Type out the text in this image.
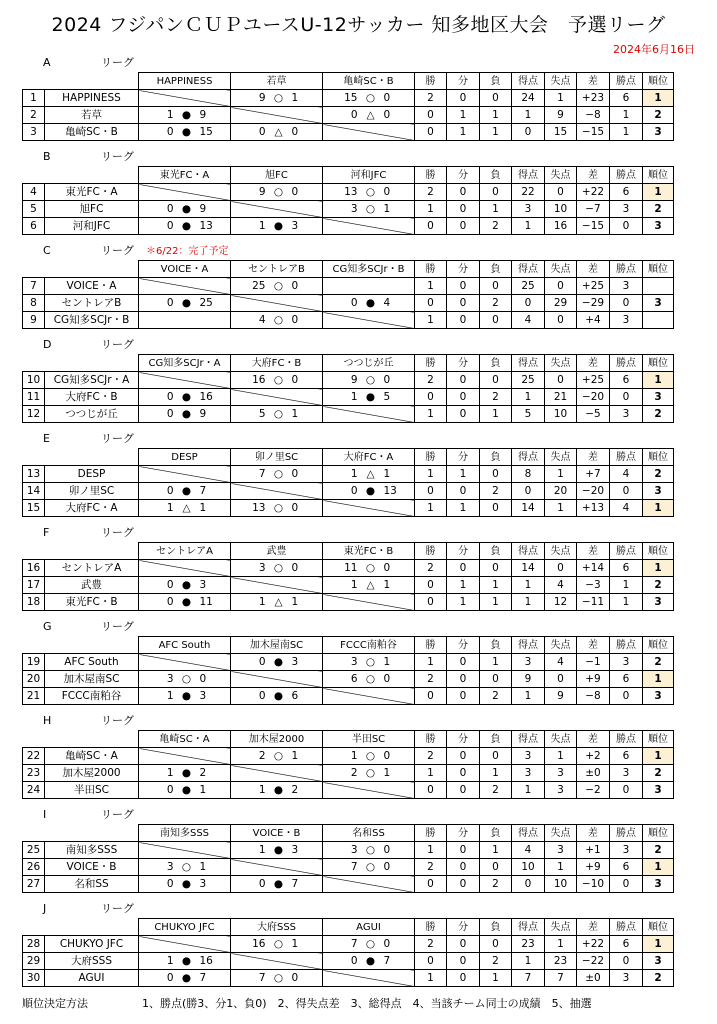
2024 フジパンＣＵＰユースU-12サッカー 知多地区大会　予選リーグ
2024年6月16日
A	リーグ
		HAPPINESS	若草	亀崎SC・B	勝	分	負	得点	失点	差	勝点	順位
1	HAPPINESS		9 ○ 1	15 ○ 0	2	0	0	24	1	+23	6	1
2	若草	1 ● 9		0 △ 0	0	1	1	1	9	−8	1	2
3	亀崎SC・B	0 ● 15	0 △ 0		0	1	1	0	15	−15	1	3
B	リーグ
		東光FC・A	旭FC	河和JFC	勝	分	負	得点	失点	差	勝点	順位
4	東光FC・A		9 ○ 0	13 ○ 0	2	0	0	22	0	+22	6	1
5	旭FC	0 ● 9		3 ○ 1	1	0	1	3	10	−7	3	2
6	河和JFC	0 ● 13	1 ● 3		0	0	2	1	16	−15	0	3
C	リーグ ＊6/22：完了予定
		VOICE・A	セントレアB	CG知多SCJr・B	勝	分	負	得点	失点	差	勝点	順位
7	VOICE・A		25 ○ 0		1	0	0	25	0	+25	3	
8	セントレアB	0 ● 25		0 ● 4	0	0	2	0	29	−29	0	3
9	CG知多SCJr・B		4 ○ 0		1	0	0	4	0	+4	3	
D	リーグ
		CG知多SCJr・A	大府FC・B	つつじが丘	勝	分	負	得点	失点	差	勝点	順位
10	CG知多SCJr・A		16 ○ 0	9 ○ 0	2	0	0	25	0	+25	6	1
11	大府FC・B	0 ● 16		1 ● 5	0	0	2	1	21	−20	0	3
12	つつじが丘	0 ● 9	5 ○ 1		1	0	1	5	10	−5	3	2
E	リーグ
		DESP	卯ノ里SC	大府FC・A	勝	分	負	得点	失点	差	勝点	順位
13	DESP		7 ○ 0	1 △ 1	1	1	0	8	1	+7	4	2
14	卯ノ里SC	0 ● 7		0 ● 13	0	0	2	0	20	−20	0	3
15	大府FC・A	1 △ 1	13 ○ 0		1	1	0	14	1	+13	4	1
F	リーグ
		セントレアA	武豊	東光FC・B	勝	分	負	得点	失点	差	勝点	順位
16	セントレアA		3 ○ 0	11 ○ 0	2	0	0	14	0	+14	6	1
17	武豊	0 ● 3		1 △ 1	0	1	1	1	4	−3	1	2
18	東光FC・B	0 ● 11	1 △ 1		0	1	1	1	12	−11	1	3
G	リーグ
		AFC South	加木屋南SC	FCCC南粕谷	勝	分	負	得点	失点	差	勝点	順位
19	AFC South		0 ● 3	3 ○ 1	1	0	1	3	4	−1	3	2
20	加木屋南SC	3 ○ 0		6 ○ 0	2	0	0	9	0	+9	6	1
21	FCCC南粕谷	1 ● 3	0 ● 6		0	0	2	1	9	−8	0	3
H	リーグ
		亀崎SC・A	加木屋2000	半田SC	勝	分	負	得点	失点	差	勝点	順位
22	亀崎SC・A		2 ○ 1	1 ○ 0	2	0	0	3	1	+2	6	1
23	加木屋2000	1 ● 2		2 ○ 1	1	0	1	3	3	±0	3	2
24	半田SC	0 ● 1	1 ● 2		0	0	2	1	3	−2	0	3
I	リーグ
		南知多SSS	VOICE・B	名和SS	勝	分	負	得点	失点	差	勝点	順位
25	南知多SSS		1 ● 3	3 ○ 0	1	0	1	4	3	+1	3	2
26	VOICE・B	3 ○ 1		7 ○ 0	2	0	0	10	1	+9	6	1
27	名和SS	0 ● 3	0 ● 7		0	0	2	0	10	−10	0	3
J	リーグ
		CHUKYO JFC	大府SSS	AGUI	勝	分	負	得点	失点	差	勝点	順位
28	CHUKYO JFC		16 ○ 1	7 ○ 0	2	0	0	23	1	+22	6	1
29	大府SSS	1 ● 16		0 ● 7	0	0	2	1	23	−22	0	3
30	AGUI	0 ● 7	7 ○ 0		1	0	1	7	7	±0	3	2
順位決定方法	1、勝点(勝3、分1、負0)　2、得失点差　3、総得点　4、当該チーム同士の成績　5、抽選
